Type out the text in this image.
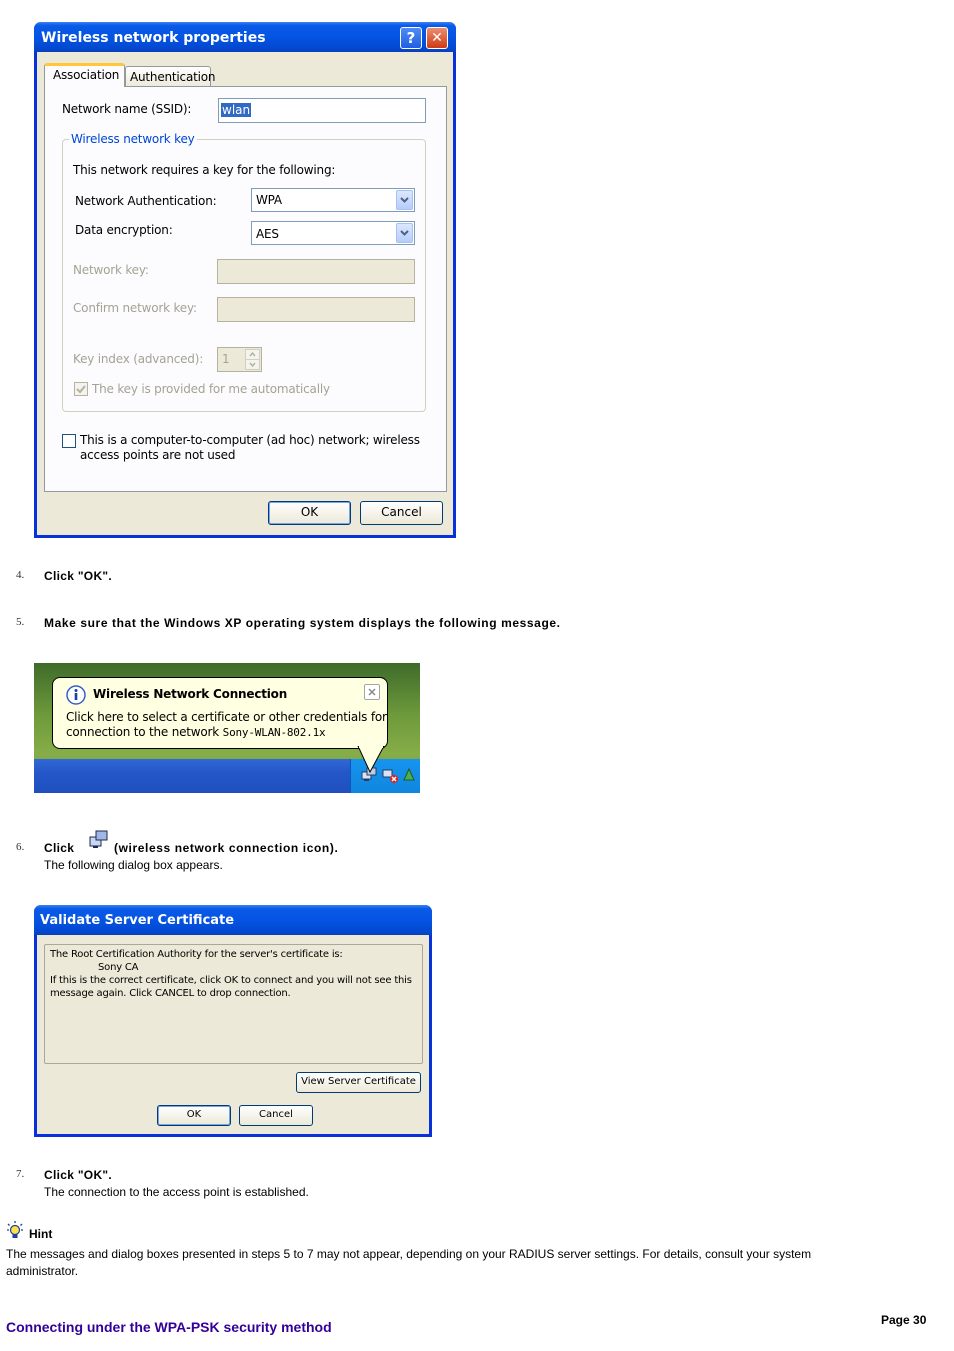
Wireless network properties	?	✕
Association Authentication
Network name (SSID):	wlan
Wireless network key
This network requires a key for the following:
Network Authentication:	WPA
Data encryption:	AES
Network key:
Confirm network key:
Key index (advanced): 1
The key is provided for me automatically
This is a computer-to-computer (ad hoc) network; wireless
access points are not used
OK	Cancel
4. Click "OK".
5. Make sure that the Windows XP operating system displays the following message.
Wireless Network Connection
Click here to select a certificate or other credentials for
connection to the network Sony-WLAN-802.1x
6. Click	(wireless network connection icon).
The following dialog box appears.
Validate Server Certificate
The Root Certification Authority for the server's certificate is:
Sony CA
If this is the correct certificate, click OK to connect and you will not see this
message again. Click CANCEL to drop connection.
View Server Certificate
OK	Cancel
7. Click "OK".
The connection to the access point is established.
Hint
The messages and dialog boxes presented in steps 5 to 7 may not appear, depending on your RADIUS server settings. For details, consult your system
administrator.
Connecting under the WPA-PSK security method	Page 30
